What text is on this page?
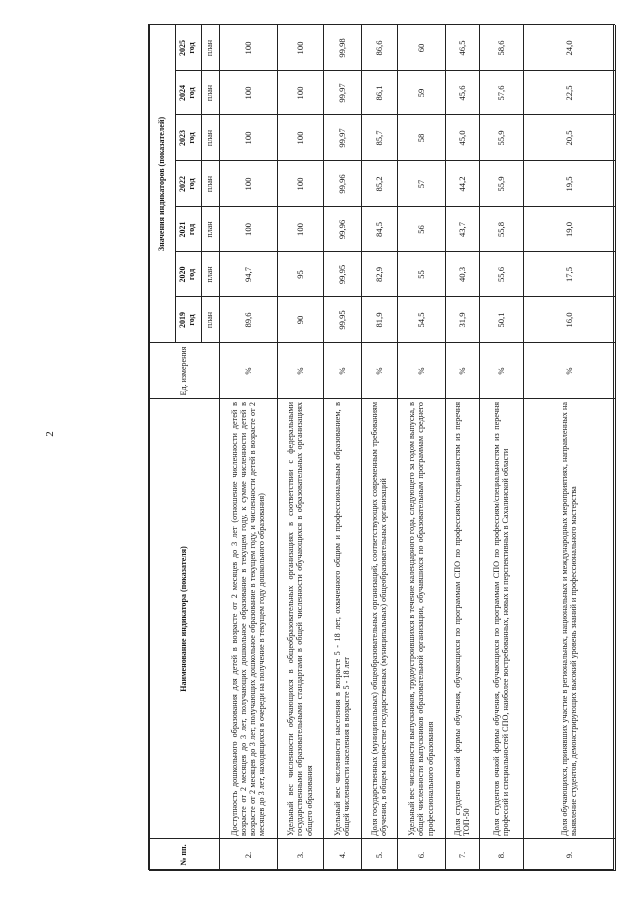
2
№ пп.
Наименование индикатора (показателя)
Ед. измерения
Значения индикаторов (показателей)
2019
год план
2020
год план
2021
год план
2022
год план
2023
год план
2024
год план
2025
год план
2.
Доступность дошкольного образования для детей в возрасте от 2 месяцев до 3 лет (отношение численности детей в возрасте от 2 месяцев до 3 лет, получающих дошкольное образование в текущем году, к сумме численности детей в возрасте от 2 месяцев до 3 лет, получающих дошкольное образование в текущем году, и численности детей в возрасте от 2 месяцев до 3 лет, находящихся в очереди на получение в текущем году дошкольного образования)
%
89,6
94,7
100
100
100
100
100
3.
Удельный вес численности обучающихся в общеобразовательных организациях в соответствии с федеральными государственными образовательными стандартами в общей численности обучающихся в образовательных организациях общего образования
%
90
95
100
100
100
100
100
4.
Удельный вес численности населения в возрасте 5 - 18 лет, охваченного общим и профессиональным образованием, в общей численности населения в возрасте 5 - 18 лет
%
99,95
99,95
99,96
99,96
99,97
99,97
99,98
5.
Доля государственных (муниципальных) общеобразовательных организаций, соответствующих современным требованиям обучения, в общем количестве государственных (муниципальных) общеобразовательных организаций
%
81,9
82,9
84,5
85,2
85,7
86,1
86,6
6.
Удельный вес численности выпускников, трудоустроившихся в течение календарного года, следующего за годом выпуска, в общей численности выпускников образовательной организации, обучавшихся по образовательным программам среднего профессионального образования
%
54,5
55
56
57
58
59
60
7.
Доля студентов очной формы обучения, обучающихся по программам СПО по профессиям/специальностям из перечня ТОП-50
%
31,9
40,3
43,7
44,2
45,0
45,6
46,5
8.
Доля студентов очной формы обучения, обучающихся по программам СПО по профессиям/специальностям из перечня профессий и специальностей СПО, наиболее востребованных, новых и перспективных в Сахалинской области
%
50,1
55,6
55,8
55,9
55,9
57,6
58,6
9.
Доля обучающихся, принявших участие в региональных, национальных и международных мероприятиях, направленных на выявление студентов, демонстрирующих высокий уровень знаний и профессионального мастерства
%
16,0
17,5
19,0
19,5
20,5
22,5
24,0
